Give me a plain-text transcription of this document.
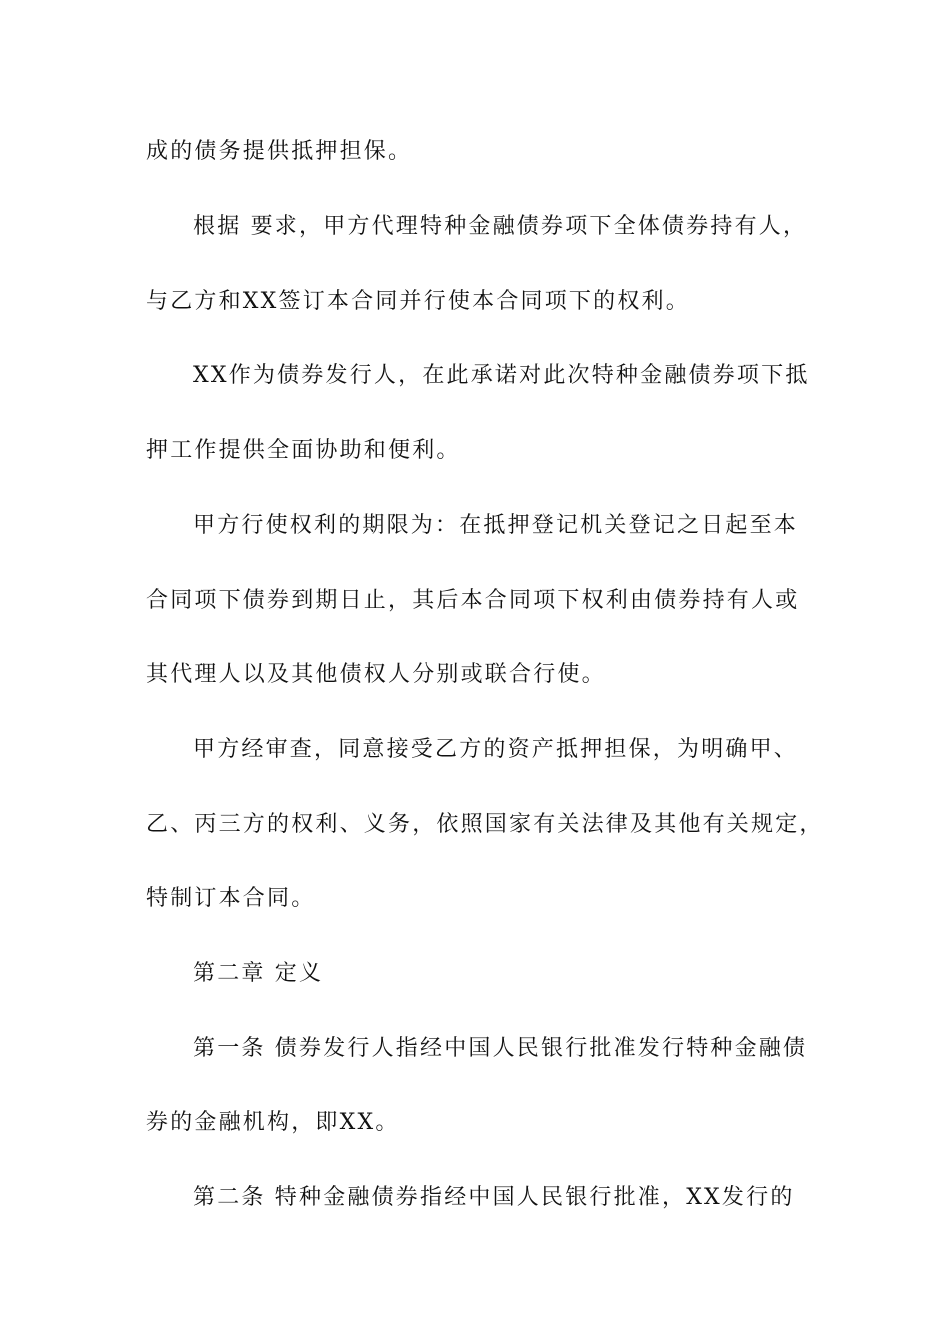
成的债务提供抵押担保。
根据 要求，甲方代理特种金融债券项下全体债券持有人，
与乙方和XX签订本合同并行使本合同项下的权利。
XX作为债券发行人，在此承诺对此次特种金融债券项下抵
押工作提供全面协助和便利。
甲方行使权利的期限为：在抵押登记机关登记之日起至本
合同项下债券到期日止，其后本合同项下权利由债券持有人或
其代理人以及其他债权人分别或联合行使。
甲方经审查，同意接受乙方的资产抵押担保，为明确甲、
乙、丙三方的权利、义务，依照国家有关法律及其他有关规定，
特制订本合同。
第二章 定义
第一条 债券发行人指经中国人民银行批准发行特种金融债
券的金融机构，即XX。
第二条 特种金融债券指经中国人民银行批准，XX发行的
